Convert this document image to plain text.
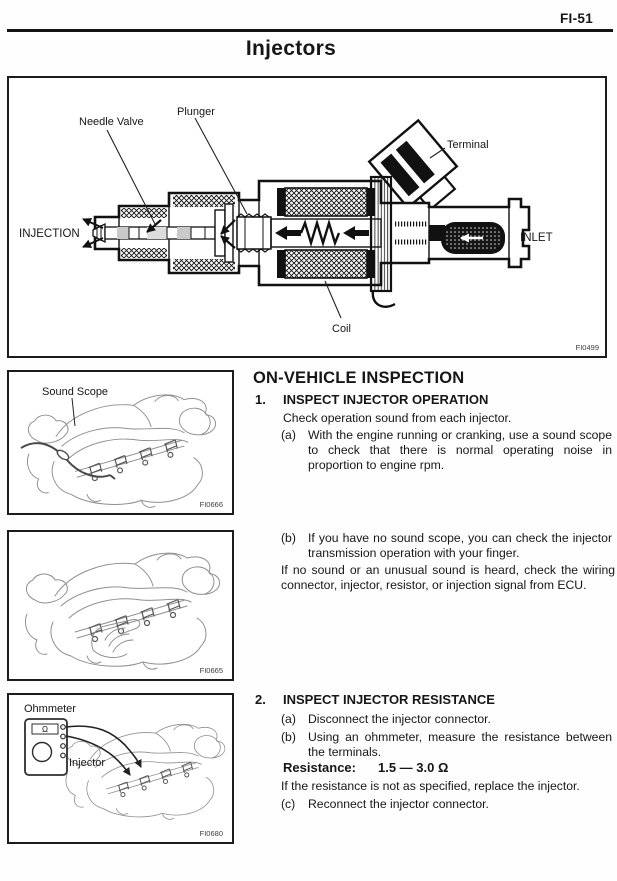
FI-51
Injectors
Needle Valve
Plunger
Terminal
INJECTION	INLET
Coil
FI0499
Sound Scope
FI0666
FI0665
Ω
Ohmmeter
Injector
FI0680
ON-VEHICLE INSPECTION
1. INSPECT INJECTOR OPERATION
Check operation sound from each injector.
(a) With the engine running or cranking, use a sound scope to check that there is normal operating noise in proportion to engine rpm.
(b) If you have no sound scope, you can check the injector transmission operation with your finger.
If no sound or an unusual sound is heard, check the wiring connector, injector, resistor, or injection signal from ECU.
2. INSPECT INJECTOR RESISTANCE
(a) Disconnect the injector connector.
(b) Using an ohmmeter, measure the resistance between the terminals.
Resistance: 1.5 — 3.0 Ω
If the resistance is not as specified, replace the injector.
(c)	Reconnect the injector connector.
